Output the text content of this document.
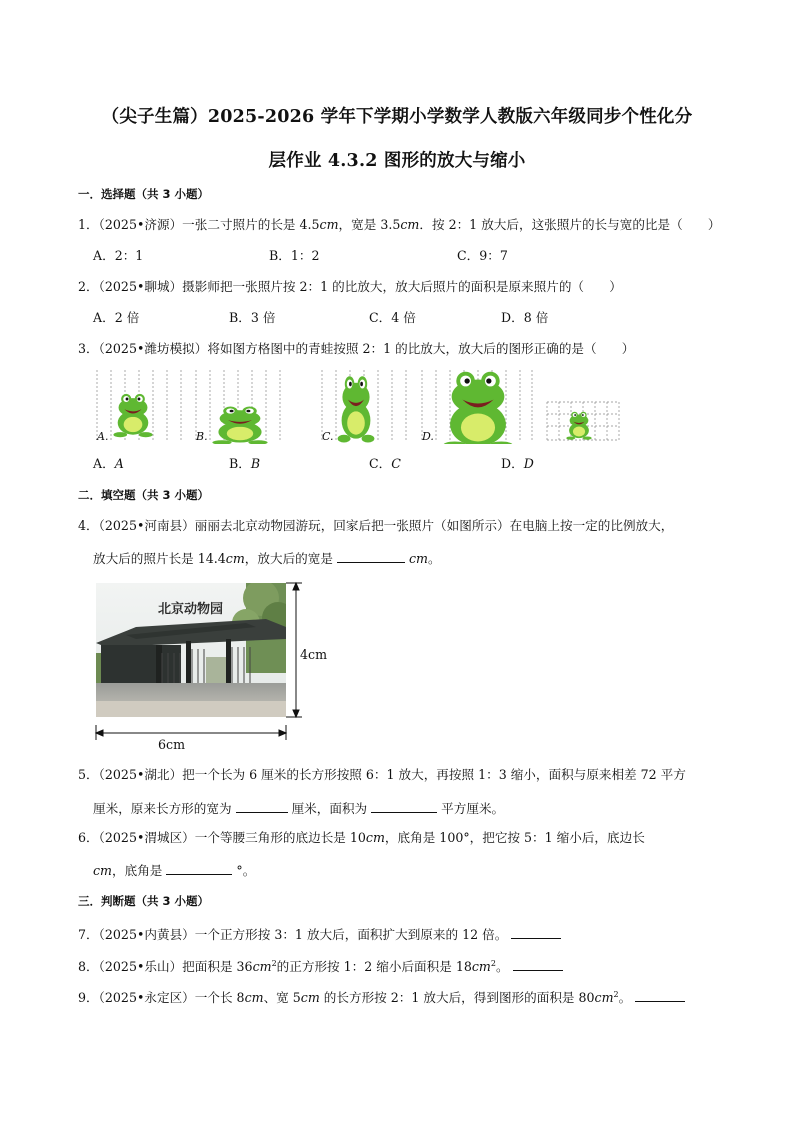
（尖子生篇）2025-2026 学年下学期小学数学人教版六年级同步个性化分
层作业 4.3.2 图形的放大与缩小
一．选择题（共 3 小题）
1．（2025•济源）一张二寸照片的长是 4.5cm，宽是 3.5cm．按 2：1 放大后，这张照片的长与宽的比是（　　）
A．2：1	B．1：2	C．9：7
2．（2025•聊城）摄影师把一张照片按 2：1 的比放大，放大后照片的面积是原来照片的（　　）
A．2 倍	B．3 倍	C．4 倍	D．8 倍
3．（2025•潍坊模拟）将如图方格图中的青蛙按照 2：1 的比放大，放大后的图形正确的是（　　）
A.	B.	C.	D.
A．A	B．B	C．C	D．D
二．填空题（共 3 小题）
4．（2025•河南县）丽丽去北京动物园游玩，回家后把一张照片（如图所示）在电脑上按一定的比例放大，
放大后的照片长是 14.4cm，放大后的宽是	cm。
北京动物园
4cm
6cm
5．（2025•湖北）把一个长为 6 厘米的长方形按照 6：1 放大，再按照 1：3 缩小，面积与原来相差 72 平方
厘米，原来长方形的宽为	厘米，面积为	平方厘米。
6．（2025•渭城区）一个等腰三角形的底边长是 10cm，底角是 100°，把它按 5：1 缩小后，底边长
cm，底角是	°。
三．判断题（共 3 小题）
7．（2025•内黄县）一个正方形按 3：1 放大后，面积扩大到原来的 12 倍。
8．（2025•乐山）把面积是 $36cm^2$的正方形按 1：2 缩小后面积是 $18cm^2$。
9．（2025•永定区）一个长 8cm、宽 5cm 的长方形按 2：1 放大后，得到图形的面积是 $80cm^2$。
